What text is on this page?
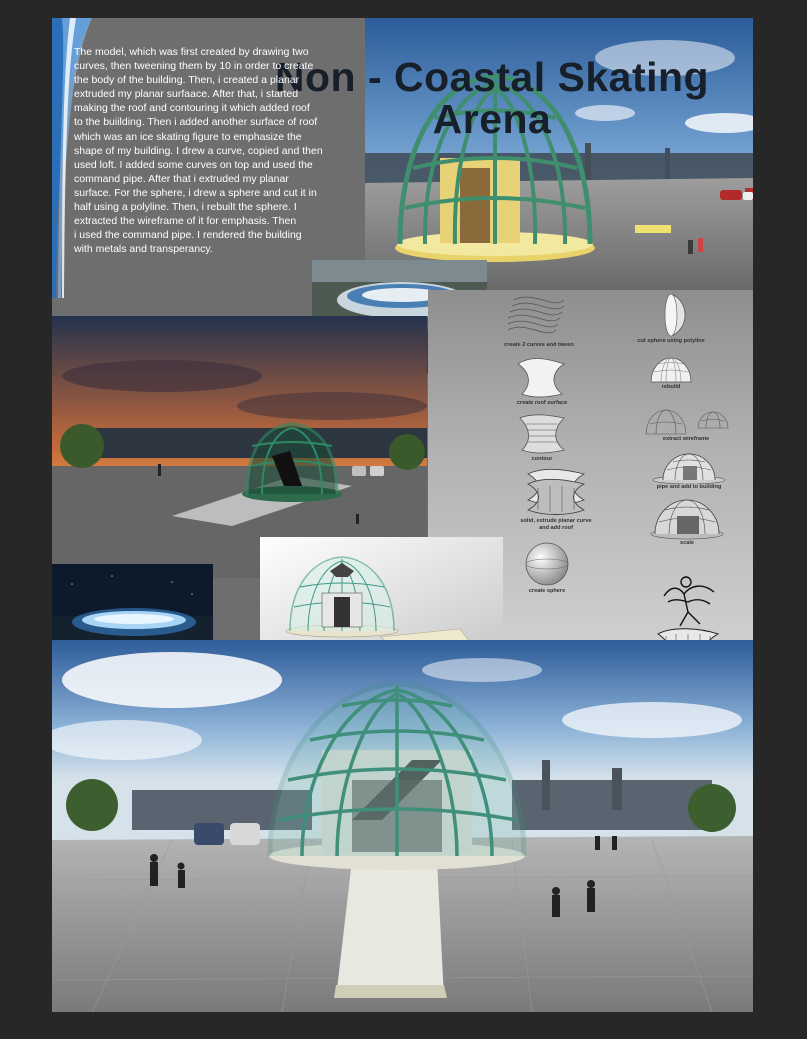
Non - Coastal Skating Arena

The model, which was first created by drawing two

curves, then tweening them by 10 in order to create

the body of the building. Then, i created a planar

extruded my planar surfaace. After that, i started

making the roof and contouring it which added roof

to the buiilding. Then i added another surface of roof

which was an ice skating figure to emphasize the

shape of my building. I drew a curve, copied and then

used loft. I added some curves on top and used the

command pipe. After that i extruded my planar

surface. For the sphere, i drew a sphere and cut it in

half using a polyline. Then, i rebuilt the sphere. I

extracted the wireframe of it for emphasis. Then

i used the command pipe. I rendered the building

with metals and transperancy.

create 2 curves and tween
create roof surface
contour
solid, extrude planar curve and add roof
create sphere
cut sphere using polyline
rebuild
extract wireframe
pipe and add to building
scale
